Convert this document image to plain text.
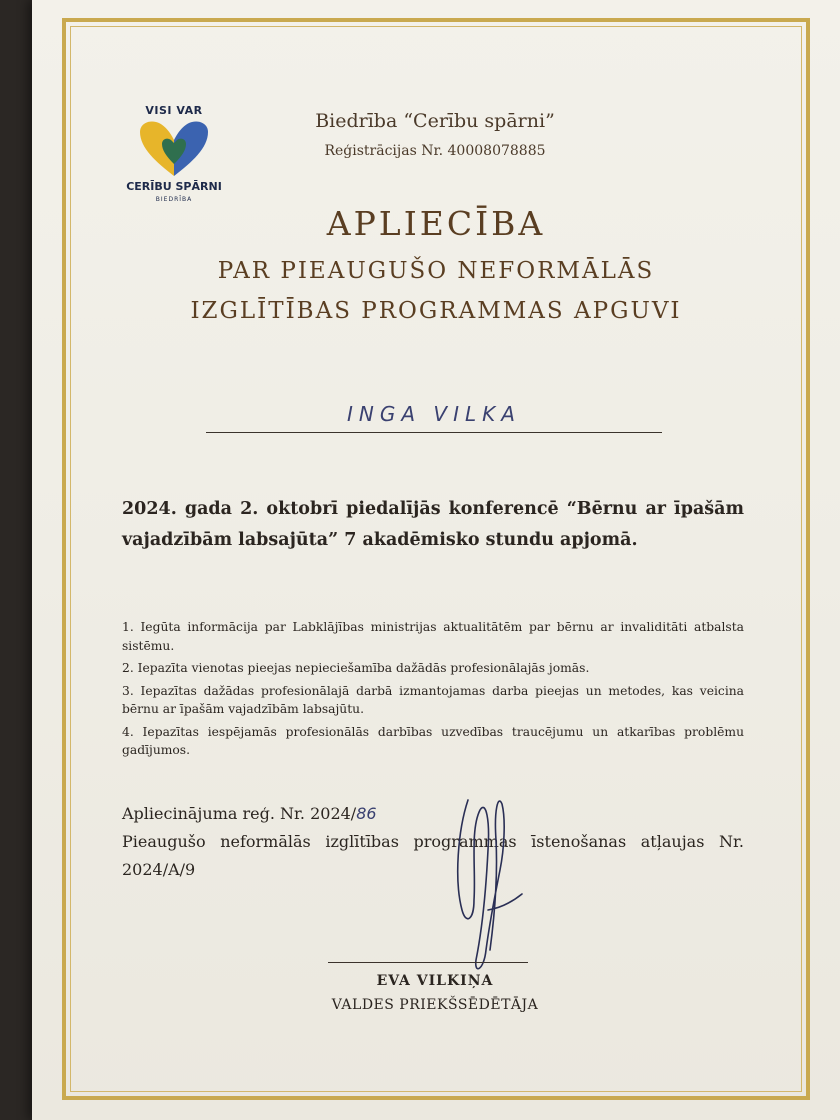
VISI VAR
CERĪBU SPĀRNI
BIEDRĪBA
Biedrība “Cerību spārni”
Reģistrācijas Nr. 40008078885
APLIECĪBA
PAR PIEAUGUŠO NEFORMĀLĀS
IZGLĪTĪBAS PROGRAMMAS APGUVI
INGA VILKA
2024. gada 2. oktobrī piedalījās konferencē “Bērnu ar īpašām vajadzībām labsajūta” 7 akadēmisko stundu apjomā.
1. Iegūta informācija par Labklājības ministrijas aktualitātēm par bērnu ar invaliditāti atbalsta sistēmu.
2. Iepazīta vienotas pieejas nepieciešamība dažādās profesionālajās jomās.
3. Iepazītas dažādas profesionālajā darbā izmantojamas darba pieejas un metodes, kas veicina bērnu ar īpašām vajadzībām labsajūtu.
4. Iepazītas iespējamās profesionālās darbības uzvedības traucējumu un atkarības problēmu gadījumos.
Apliecinājuma reģ. Nr. 2024/86
Pieaugušo neformālās izglītības programmas īstenošanas atļaujas Nr. 2024/A/9
EVA VILKIŅA
VALDES PRIEKŠSĒDĒTĀJA
